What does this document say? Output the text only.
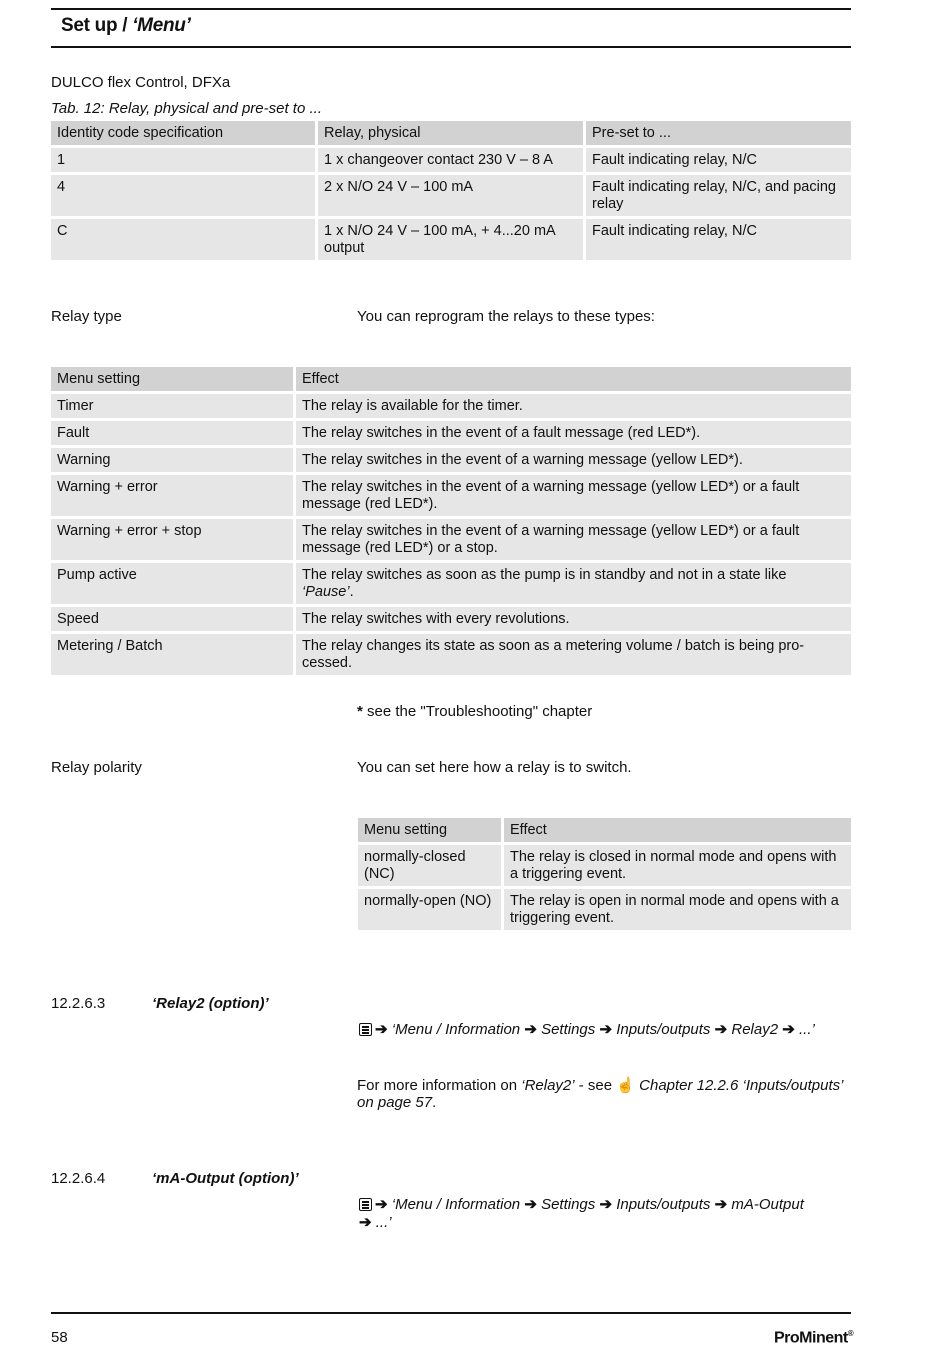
Set up / ‘Menu’
DULCO flex Control, DFXa
Tab. 12: Relay, physical and pre-set to ...
Identity code specification	Relay, physical	Pre-set to ...
1	1 x changeover contact 230 V – 8 A	Fault indicating relay, N/C
4	2 x N/O 24 V – 100 mA	Fault indicating relay, N/C, and pacing relay
C	1 x N/O 24 V – 100 mA, + 4...20 mA output	Fault indicating relay, N/C
Relay type	You can reprogram the relays to these types:
Menu setting	Effect
Timer	The relay is available for the timer.
Fault	The relay switches in the event of a fault message (red LED*).
Warning	The relay switches in the event of a warning message (yellow LED*).
Warning + error	The relay switches in the event of a warning message (yellow LED*) or a fault message (red LED*).
Warning + error + stop	The relay switches in the event of a warning message (yellow LED*) or a fault message (red LED*) or a stop.
Pump active	The relay switches as soon as the pump is in standby and not in a state like
‘Pause’.
Speed	The relay switches with every revolutions.
Metering / Batch	The relay changes its state as soon as a metering volume / batch is being pro‐cessed.
* see the "Troubleshooting" chapter
Relay polarity	You can set here how a relay is to switch.
Menu setting	Effect
normally-closed (NC)	The relay is closed in normal mode and opens with a triggering event.
normally-open (NO)	The relay is open in normal mode and opens with a triggering event.
12.2.6.3	‘Relay2 (option)’
➔ ‘Menu / Information ➔ Settings ➔ Inputs/outputs ➔ Relay2 ➔ ...’
For more information on ‘Relay2’ - see ☝ Chapter 12.2.6 ‘Inputs/outputs’ on page 57.
12.2.6.4	‘mA-Output (option)’
➔ ‘Menu / Information ➔ Settings ➔ Inputs/outputs ➔ mA-Output
➔ ...’
58	ProMinent®
